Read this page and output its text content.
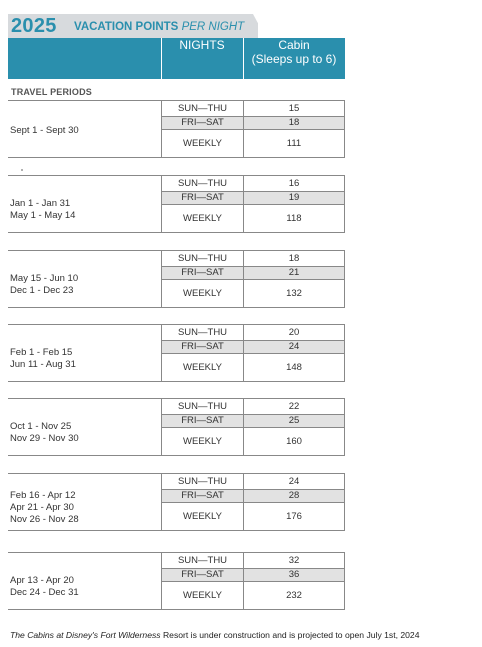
2025 VACATION POINTS PER NIGHT
NIGHTS	Cabin
(Sleeps up to 6)
TRAVEL PERIODS
Sept 1 - Sept 30
SUN—THU	15
FRI—SAT	18
WEEKLY	111
Jan 1 - Jan 31
May 1 - May 14
SUN—THU	16
FRI—SAT	19
WEEKLY	118
May 15 - Jun 10
Dec 1 - Dec 23
SUN—THU	18
FRI—SAT	21
WEEKLY	132
Feb 1 - Feb 15
Jun 11 - Aug 31
SUN—THU	20
FRI—SAT	24
WEEKLY	148
Oct 1 - Nov 25
Nov 29 - Nov 30
SUN—THU	22
FRI—SAT	25
WEEKLY	160
Feb 16 - Apr 12
Apr 21 - Apr 30
Nov 26 - Nov 28
SUN—THU	24
FRI—SAT	28
WEEKLY	176
Apr 13 - Apr 20
Dec 24 - Dec 31
SUN—THU	32
FRI—SAT	36
WEEKLY	232
The Cabins at Disney's Fort Wilderness Resort is under construction and is projected to open July 1st, 2024
